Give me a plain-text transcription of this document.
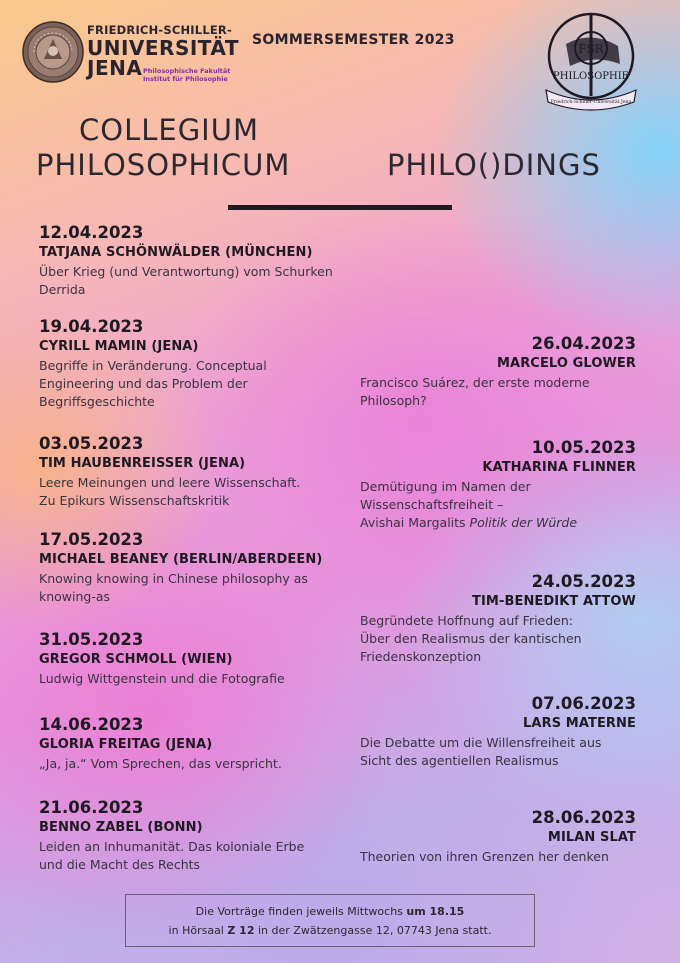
FRIEDRICH-SCHILLER-
UNIVERSITÄT
JENA Philosophische Fakultät
Institut für Philosophie
SOMMERSEMESTER 2023
FSR
PHILOSOPHIE
Friedrich-Schiller-Universität Jena
COLLEGIUM
PHILOSOPHICUM	PHILO()DINGS
12.04.2023
TATJANA SCHÖNWÄLDER (MÜNCHEN)
Über Krieg (und Verantwortung) vom Schurken
Derrida
19.04.2023
CYRILL MAMIN (JENA)
Begriffe in Veränderung. Conceptual
Engineering und das Problem der
Begriffsgeschichte
03.05.2023
TIM HAUBENREISSER (JENA)
Leere Meinungen und leere Wissenschaft.
Zu Epikurs Wissenschaftskritik
17.05.2023
MICHAEL BEANEY (BERLIN/ABERDEEN)
Knowing knowing in Chinese philosophy as
knowing-as
31.05.2023
GREGOR SCHMOLL (WIEN)
Ludwig Wittgenstein und die Fotografie
14.06.2023
GLORIA FREITAG (JENA)
„Ja, ja.“ Vom Sprechen, das verspricht.
21.06.2023
BENNO ZABEL (BONN)
Leiden an Inhumanität. Das koloniale Erbe
und die Macht des Rechts
26.04.2023
MARCELO GLOWER
Francisco Suárez, der erste moderne
Philosoph?
10.05.2023
KATHARINA FLINNER
Demütigung im Namen der
Wissenschaftsfreiheit –
Avishai Margalits Politik der Würde
24.05.2023
TIM-BENEDIKT ATTOW
Begründete Hoffnung auf Frieden:
Über den Realismus der kantischen
Friedenskonzeption
07.06.2023
LARS MATERNE
Die Debatte um die Willensfreiheit aus
Sicht des agentiellen Realismus
28.06.2023
MILAN SLAT
Theorien von ihren Grenzen her denken
Die Vorträge finden jeweils Mittwochs um 18.15
in Hörsaal Z 12 in der Zwätzengasse 12, 07743 Jena statt.
